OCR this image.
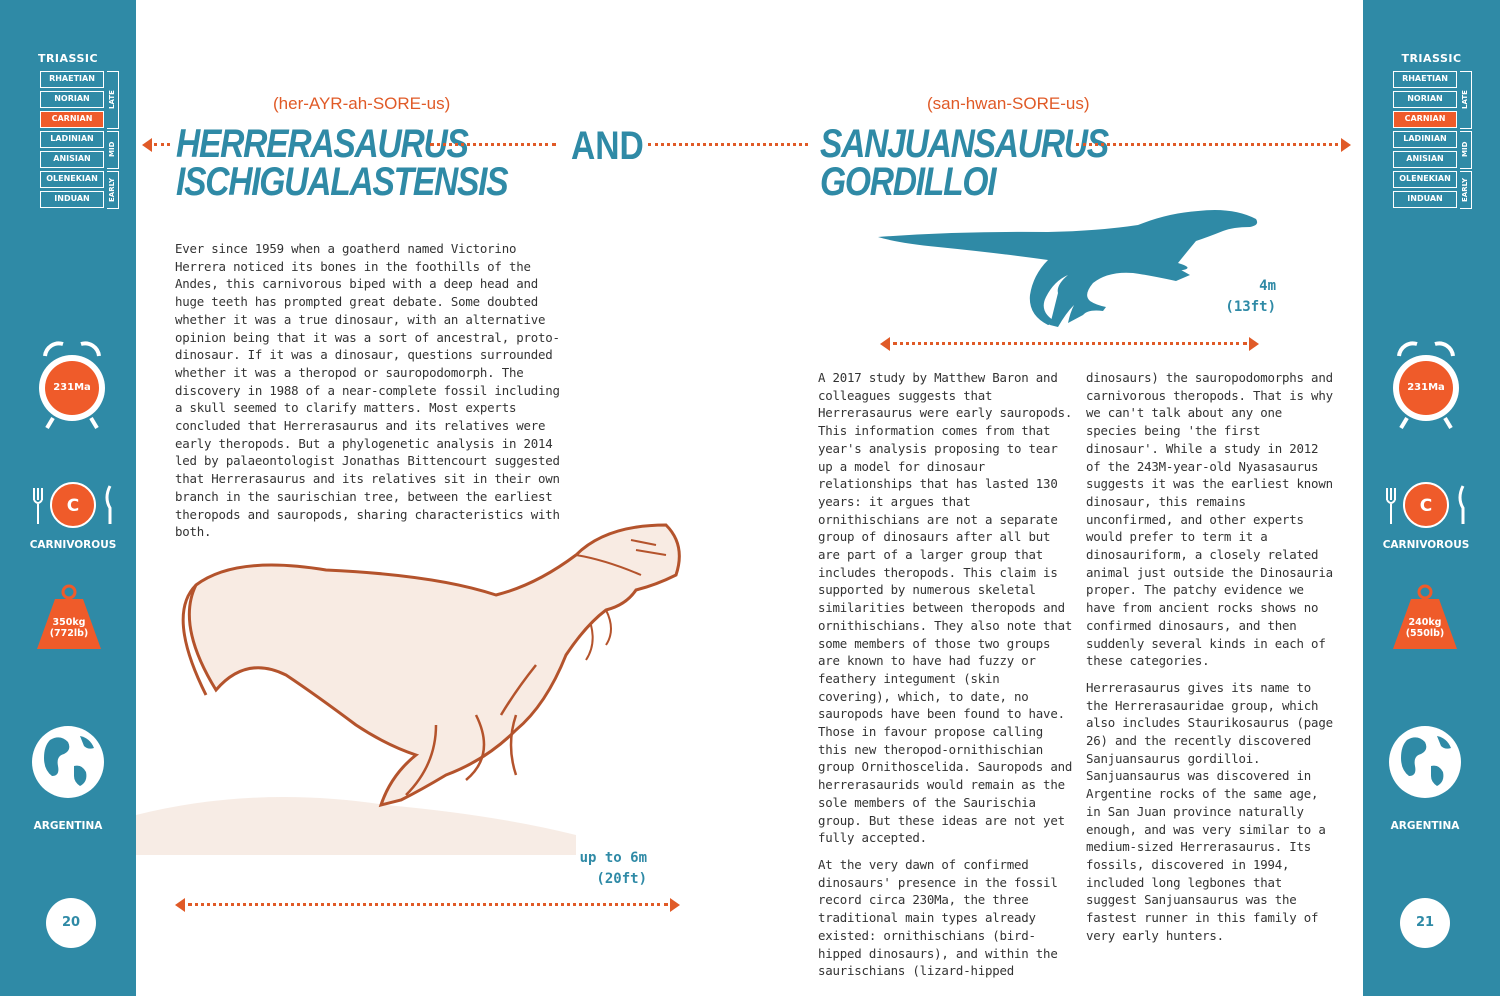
TRIASSIC
RHAETIAN
NORIAN
CARNIAN
LADINIAN
ANISIAN
OLENEKIAN
INDUAN
LATE
MID
EARLY
231Ma
C
CARNIVOROUS
350kg (772lb)
ARGENTINA
20
TRIASSIC
RHAETIAN
NORIAN
CARNIAN
LADINIAN
ANISIAN
OLENEKIAN
INDUAN
LATE
MID
EARLY
231Ma
C
CARNIVOROUS
240kg (550lb)
ARGENTINA
21
(her-AYR-ah-SORE-us)
HERRERASAURUS
ISCHIGUALASTENSIS
AND
(san-hwan-SORE-us)
SANJUANSAURUS
GORDILLOI
Ever since 1959 when a goatherd named Victorino Herrera noticed its bones in the foothills of the Andes, this carnivorous biped with a deep head and huge teeth has prompted great debate. Some doubted whether it was a true dinosaur, with an alternative opinion being that it was a sort of ancestral, proto-dinosaur. If it was a dinosaur, questions surrounded whether it was a theropod or sauropodomorph. The discovery in 1988 of a near-complete fossil including a skull seemed to clarify matters. Most experts concluded that Herrerasaurus and its relatives were early theropods. But a phylogenetic analysis in 2014 led by palaeontologist Jonathas Bittencourt suggested that Herrerasaurus and its relatives sit in their own branch in the saurischian tree, between the earliest theropods and sauropods, sharing characteristics with both.
up to 6m
(20ft)
4m
(13ft)

A 2017 study by Matthew Baron and colleagues suggests that Herrerasaurus were early sauropods. This information comes from that year's analysis proposing to tear up a model for dinosaur relationships that has lasted 130 years: it argues that ornithischians are not a separate group of dinosaurs after all but are part of a larger group that includes theropods. This claim is supported by numerous skeletal similarities between theropods and ornithischians. They also note that some members of those two groups are known to have had fuzzy or feathery integument (skin covering), which, to date, no sauropods have been found to have. Those in favour propose calling this new theropod-ornithischian group Ornithoscelida. Sauropods and herrerasaurids would remain as the sole members of the Saurischia group. But these ideas are not yet fully accepted.

At the very dawn of confirmed dinosaurs' presence in the fossil record circa 230Ma, the three traditional main types already existed: ornithischians (bird-hipped dinosaurs), and within the saurischians (lizard-hipped

dinosaurs) the sauropodomorphs and carnivorous theropods. That is why we can't talk about any one species being 'the first dinosaur'. While a study in 2012 of the 243M-year-old Nyasasaurus suggests it was the earliest known dinosaur, this remains unconfirmed, and other experts would prefer to term it a dinosauriform, a closely related animal just outside the Dinosauria proper. The patchy evidence we have from ancient rocks shows no confirmed dinosaurs, and then suddenly several kinds in each of these categories.

Herrerasaurus gives its name to the Herrerasauridae group, which also includes Staurikosaurus (page 26) and the recently discovered Sanjuansaurus gordilloi. Sanjuansaurus was discovered in Argentine rocks of the same age, in San Juan province naturally enough, and was very similar to a medium-sized Herrerasaurus. Its fossils, discovered in 1994, included long legbones that suggest Sanjuansaurus was the fastest runner in this family of very early hunters.
